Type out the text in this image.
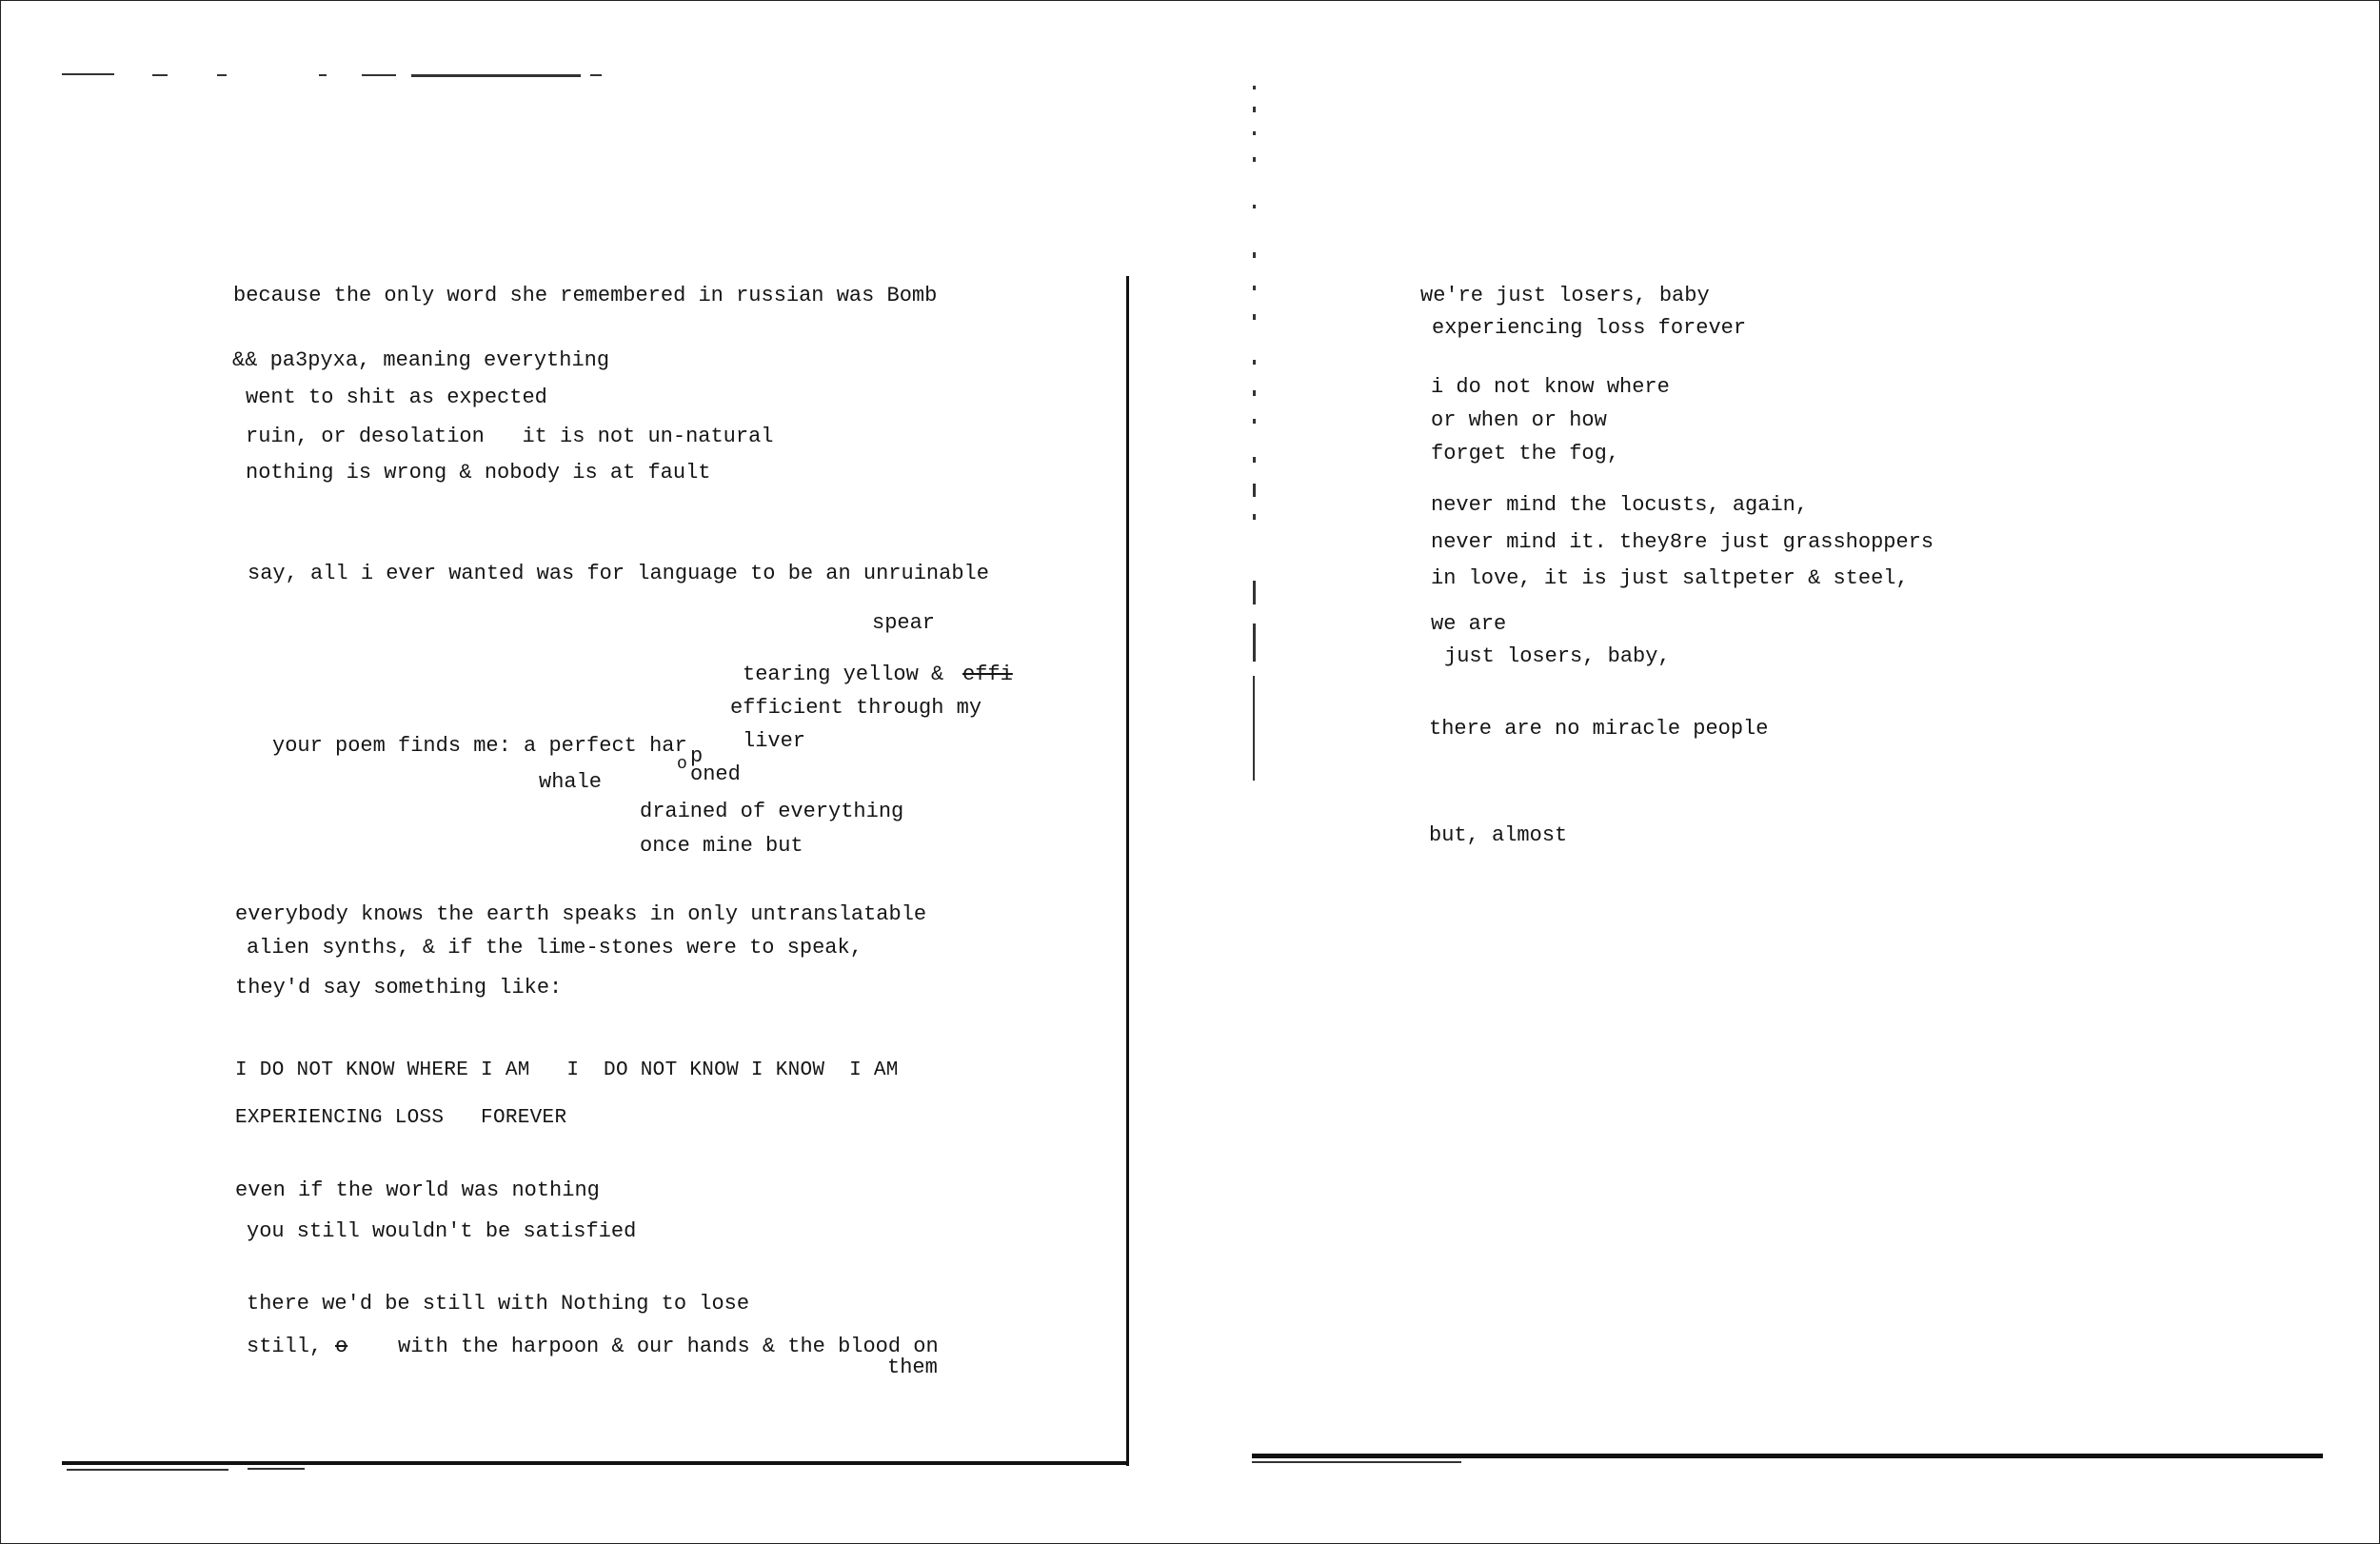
because the only word she remembered in russian was Bomb
&& pa3pyxa, meaning everything
went to shit as expected
ruin, or desolation   it is not un-natural
nothing is wrong & nobody is at fault
say, all i ever wanted was for language to be an unruinable
spear
tearing yellow & effi
efficient through my
liver
your poem finds me: a perfect har p
o oned
whale
drained of everything
once mine but
everybody knows the earth speaks in only untranslatable
alien synths, & if the lime-stones were to speak,
they'd say something like:
I DO NOT KNOW WHERE I AM   I  DO NOT KNOW I KNOW  I AM
EXPERIENCING LOSS   FOREVER
even if the world was nothing
you still wouldn't be satisfied
there we'd be still with Nothing to lose
still, o with the harpoon & our hands & the blood on
them
we're just losers, baby
experiencing loss forever
i do not know where
or when or how
forget the fog,
never mind the locusts, again,
never mind it. they8re just grasshoppers
in love, it is just saltpeter & steel,
we are
just losers, baby,
there are no miracle people
but, almost
